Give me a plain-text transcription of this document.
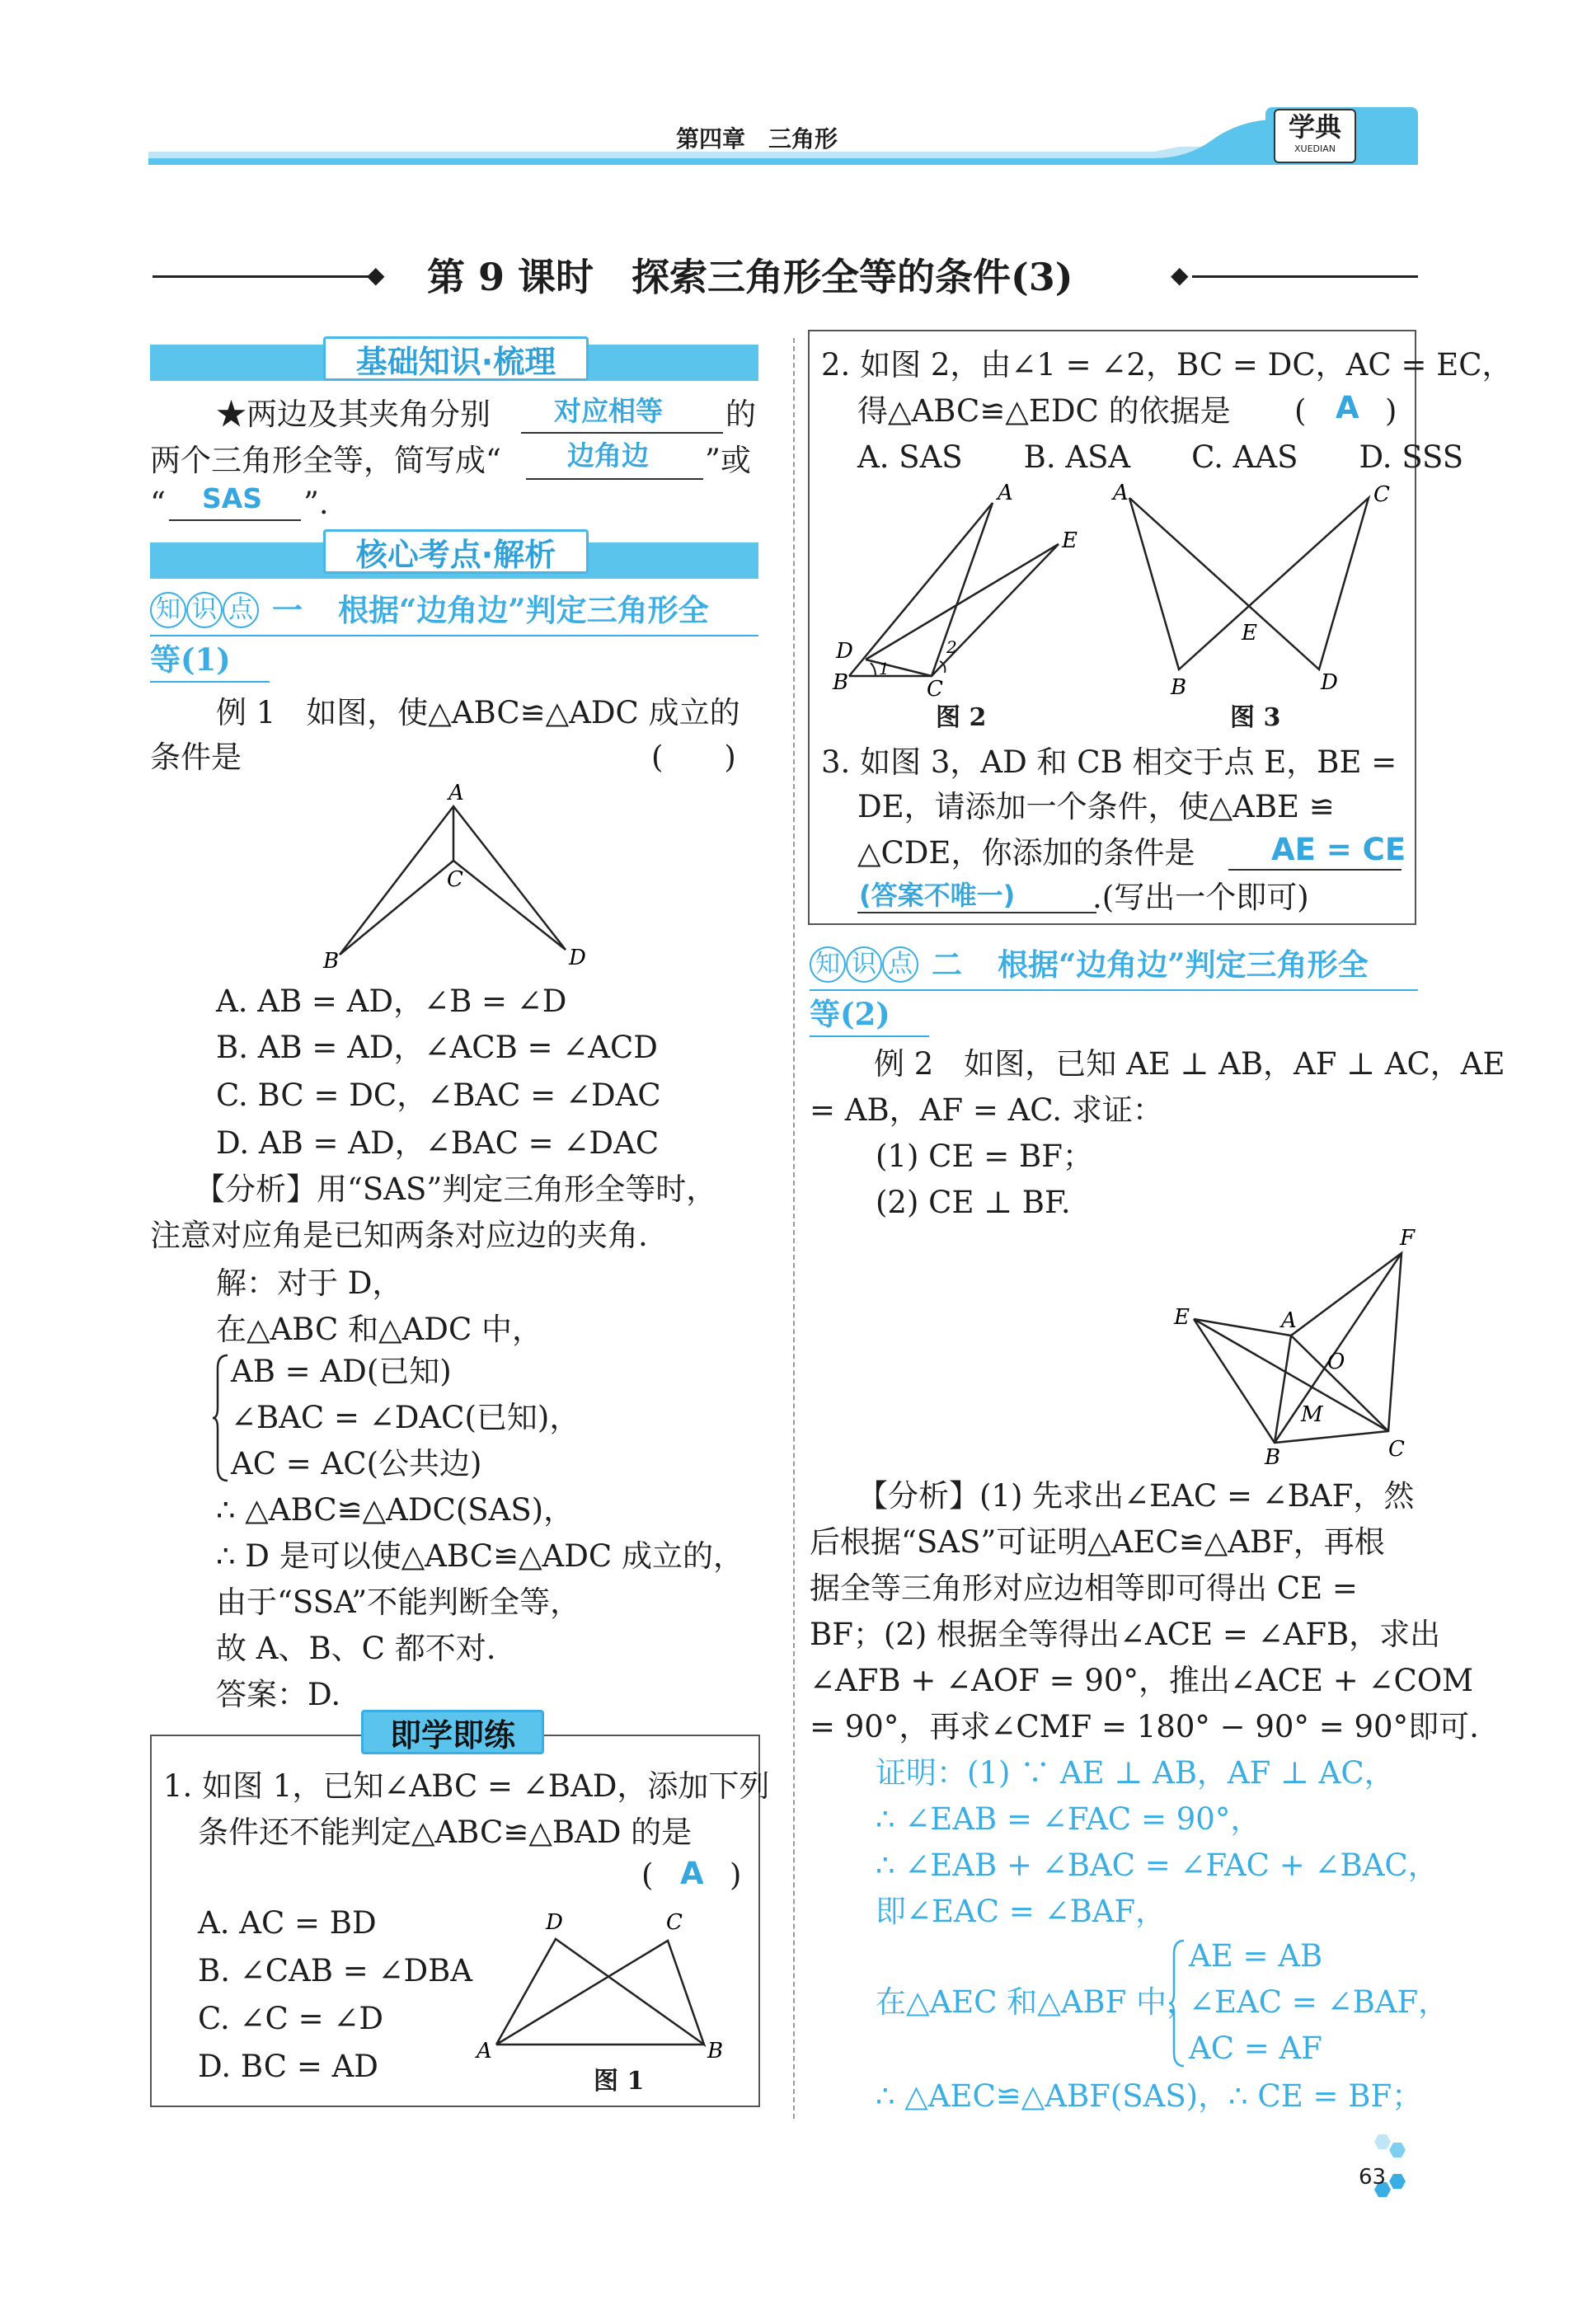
学典
XUEDIAN
第四章　三角形
◆ 第 9 课时　探索三角形全等的条件(3)	◆
基础知识·梳理
★两边及其夹角分别 对应相等 的
两个三角形全等，简写成“ 边角边 ”或
“ SAS ”.
核心考点·解析
知 识 点 一 根据“边角边”判定三角形全
等(1)
例 1　如图，使△ABC≌△ADC 成立的
条件是	(　　)
A
C
B	D
A. AB = AD，∠B = ∠D
B. AB = AD，∠ACB = ∠ACD
C. BC = DC，∠BAC = ∠DAC
D. AB = AD，∠BAC = ∠DAC
【分析】用“SAS”判定三角形全等时，
注意对应角是已知两条对应边的夹角.
解：对于 D，
在△ABC 和△ADC 中，
AB = AD(已知)
∠BAC = ∠DAC(已知)，
AC = AC(公共边)
∴ △ABC≌△ADC(SAS)，
∴ D 是可以使△ABC≌△ADC 成立的，
由于“SSA”不能判断全等，
故 A、B、C 都不对.
答案：D.
即学即练
1. 如图 1，已知∠ABC = ∠BAD，添加下列
条件还不能判定△ABC≌△BAD 的是
( A )
A. AC = BD
B. ∠CAB = ∠DBA
C. ∠C = ∠D
D. BC = AD
D	C
A	B
图 1
2. 如图 2，由∠1 = ∠2，BC = DC，AC = EC，
得△ABC≌△EDC 的依据是 ( A )
A. SAS　　B. ASA　　C. AAS　　D. SSS
A
E
D
B	C
1
2
图 2
A	C
B	D
E
图 3
3. 如图 3，AD 和 CB 相交于点 E，BE =
DE，请添加一个条件，使△ABE ≌
△CDE，你添加的条件是	AE = CE
(答案不唯一)	.(写出一个即可)
知 识 点 二 根据“边角边”判定三角形全
等(2)
例 2　如图，已知 AE ⊥ AB，AF ⊥ AC，AE
= AB，AF = AC. 求证：
(1) CE = BF；
(2) CE ⊥ BF.
E	A
F
O
M
B	C
【分析】(1) 先求出∠EAC = ∠BAF，然
后根据“SAS”可证明△AEC≌△ABF，再根
据全等三角形对应边相等即可得出 CE =
BF；(2) 根据全等得出∠ACE = ∠AFB，求出
∠AFB + ∠AOF = 90°，推出∠ACE + ∠COM
= 90°，再求∠CMF = 180° − 90° = 90°即可.
证明：(1) ∵ AE ⊥ AB，AF ⊥ AC，
∴ ∠EAB = ∠FAC = 90°，
∴ ∠EAB + ∠BAC = ∠FAC + ∠BAC，
即∠EAC = ∠BAF，
在△AEC 和△ABF 中，
AE = AB
∠EAC = ∠BAF，
AC = AF
∴ △AEC≌△ABF(SAS)，∴ CE = BF；
63
